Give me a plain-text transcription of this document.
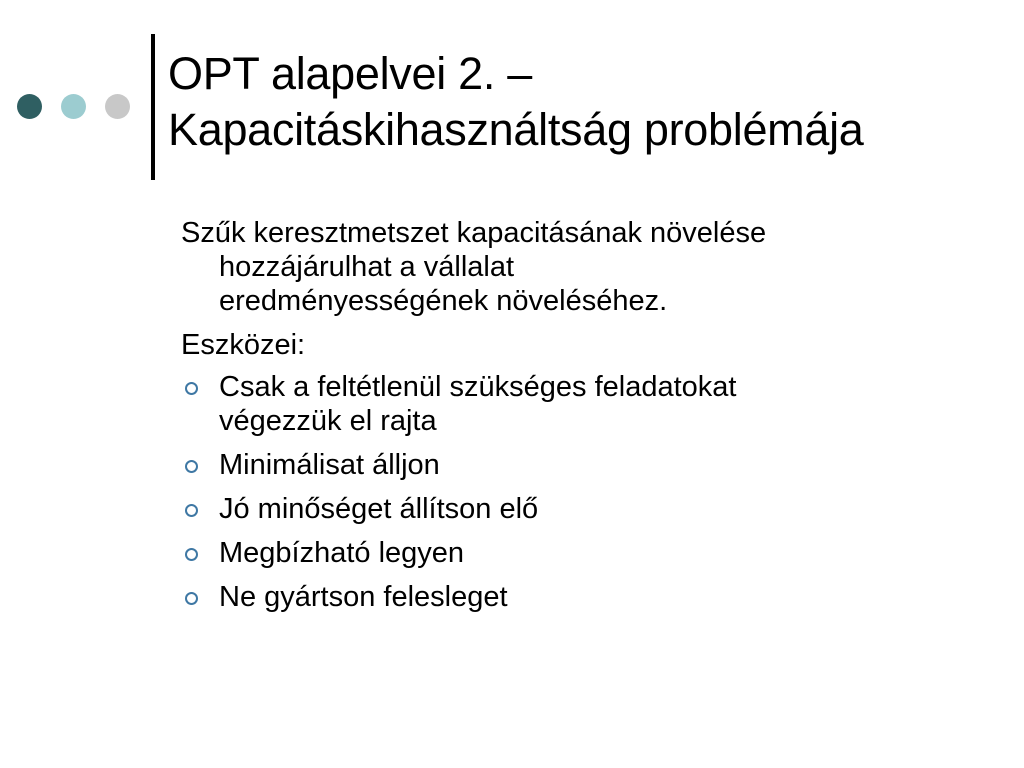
OPT alapelvei 2. –
Kapacitáskihasználtság problémája

Szűk keresztmetszet kapacitásának növelése
hozzájárulhat a vállalat
eredményességének növeléséhez.

Eszközei:

Csak a feltétlenül szükséges feladatokat
végezzük el rajta
Minimálisat álljon
Jó minőséget állítson elő
Megbízható legyen
Ne gyártson felesleget
